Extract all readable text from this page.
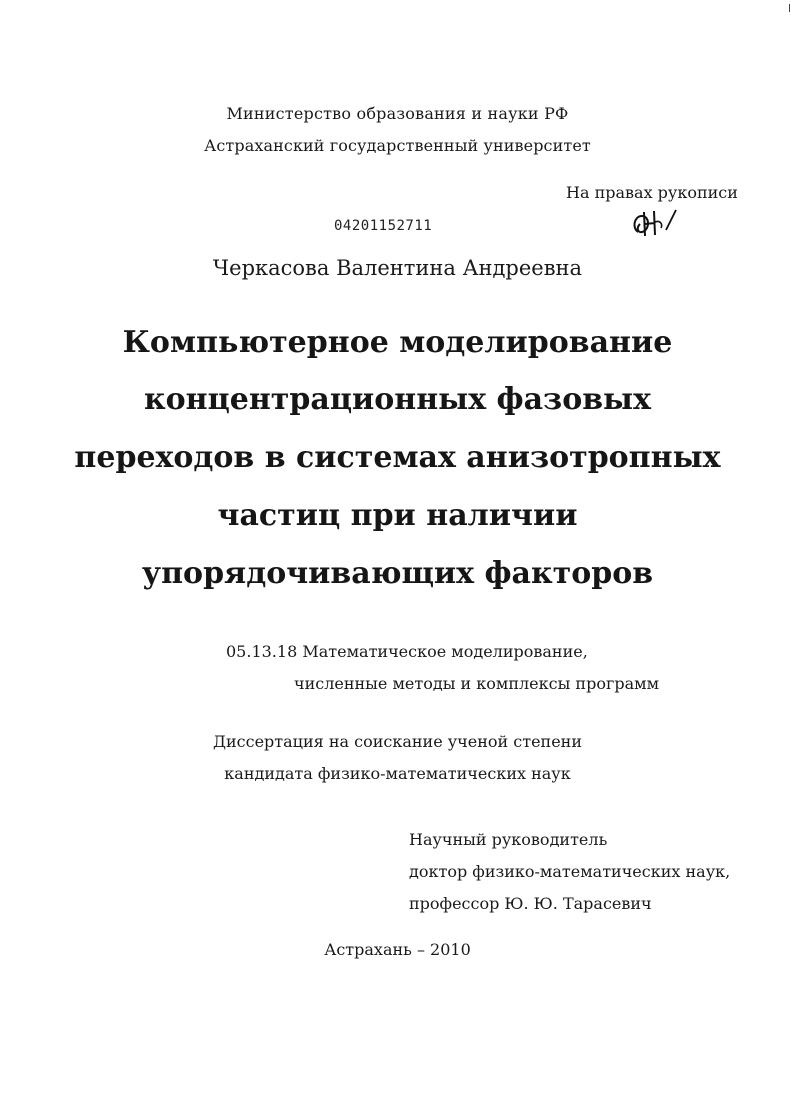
Министерство образования и науки РФ
Астраханский государственный университет
На правах рукописи
04201152711
Черкасова Валентина Андреевна
Компьютерное моделирование
концентрационных фазовых
переходов в системах анизотропных
частиц при наличии
упорядочивающих факторов
05.13.18 Математическое моделирование,
численные методы и комплексы программ
Диссертация на соискание ученой степени
кандидата физико-математических наук
Научный руководитель
доктор физико-математических наук,
профессор Ю. Ю. Тарасевич
Астрахань – 2010
